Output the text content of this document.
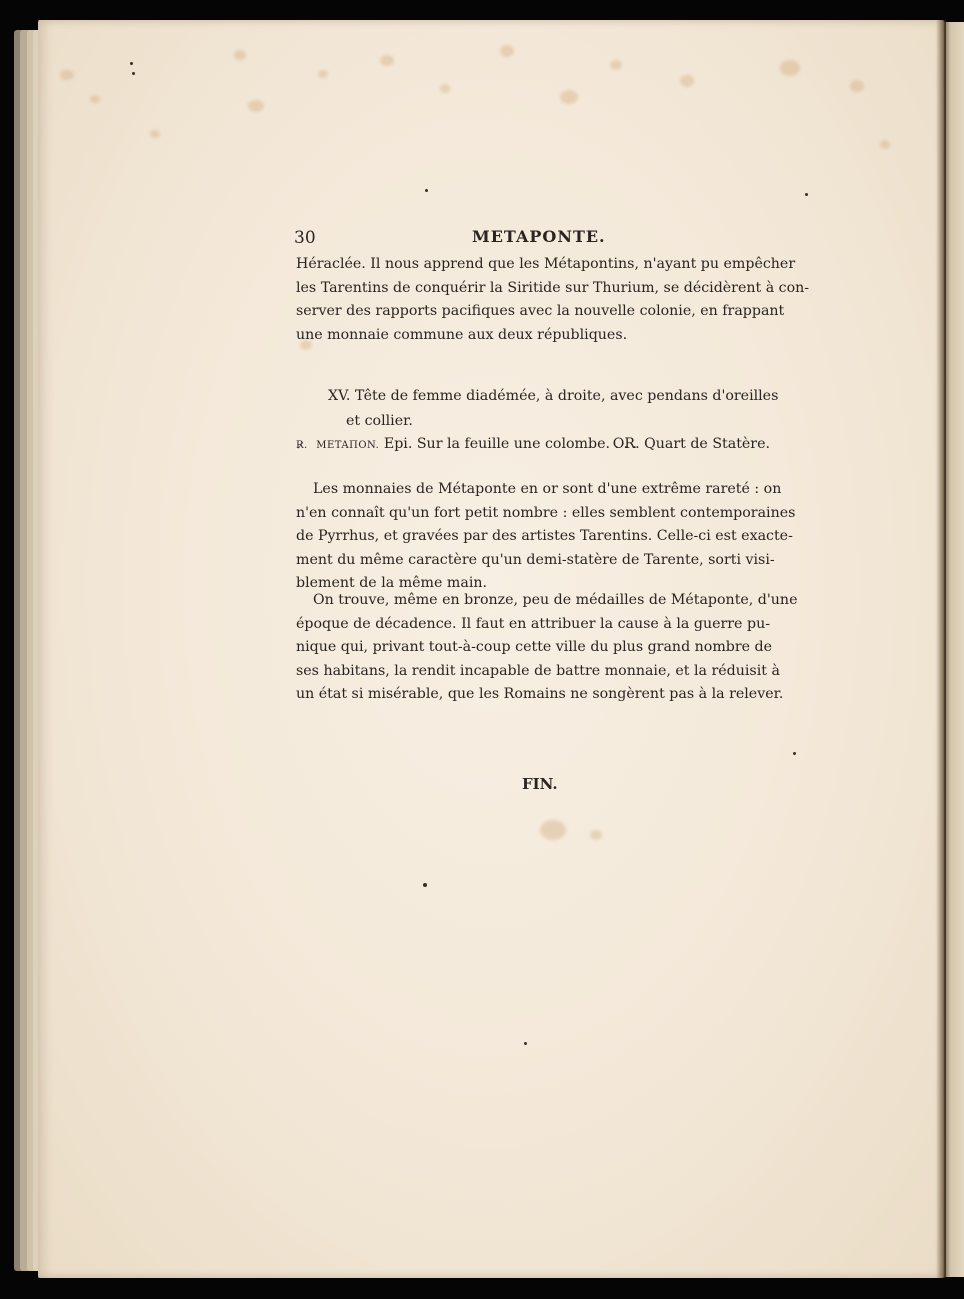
30	METAPONTE.
Héraclée. Il nous apprend que les Métapontins, n'ayant pu empêcher
les Tarentins de conquérir la Siritide sur Thurium, se décidèrent à con-
server des rapports pacifiques avec la nouvelle colonie, en frappant
une monnaie commune aux deux républiques.
XV. Tête de femme diadémée, à droite, avec pendans d'oreilles
et collier.
R̷. METAΠON. Epi. Sur la feuille une colombe. . . .
OR. Quart de Statère.
Les monnaies de Métaponte en or sont d'une extrême rareté : on
n'en connaît qu'un fort petit nombre : elles semblent contemporaines
de Pyrrhus, et gravées par des artistes Tarentins. Celle-ci est exacte-
ment du même caractère qu'un demi-statère de Tarente, sorti visi-
blement de la même main.
On trouve, même en bronze, peu de médailles de Métaponte, d'une
époque de décadence. Il faut en attribuer la cause à la guerre pu-
nique qui, privant tout-à-coup cette ville du plus grand nombre de
ses habitans, la rendit incapable de battre monnaie, et la réduisit à
un état si misérable, que les Romains ne songèrent pas à la relever.
FIN.
